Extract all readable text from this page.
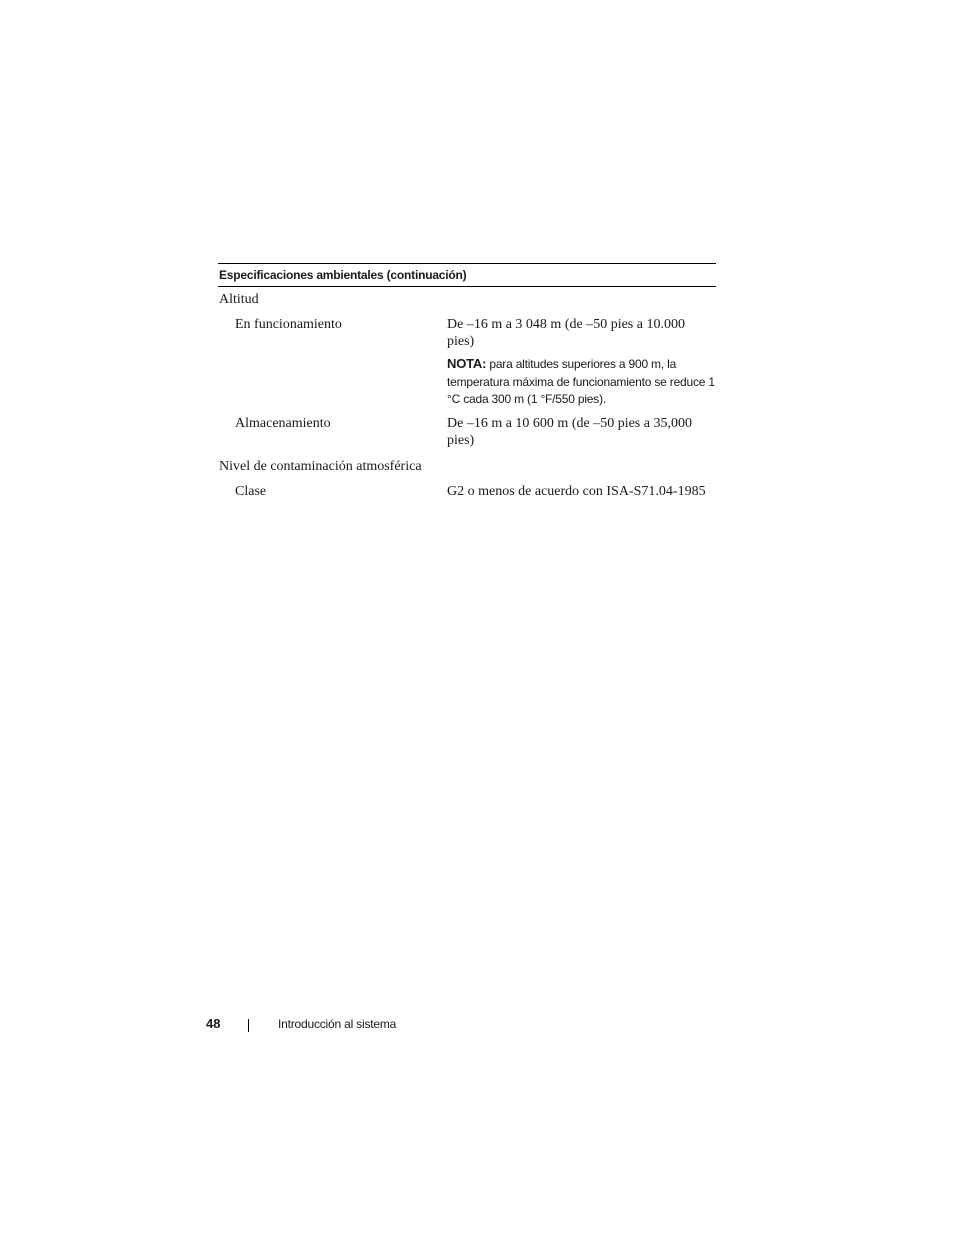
Especificaciones ambientales (continuación)
Altitud
En funcionamiento	De –16 m a 3 048 m (de –50 pies a 10.000 pies)
NOTA: para altitudes superiores a 900 m, la temperatura máxima de funcionamiento se reduce 1 °C cada 300 m (1 °F/550 pies).
Almacenamiento	De –16 m a 10 600 m (de –50 pies a 35,000 pies)
Nivel de contaminación atmosférica
Clase	G2 o menos de acuerdo con ISA-S71.04-1985
48	Introducción al sistema
